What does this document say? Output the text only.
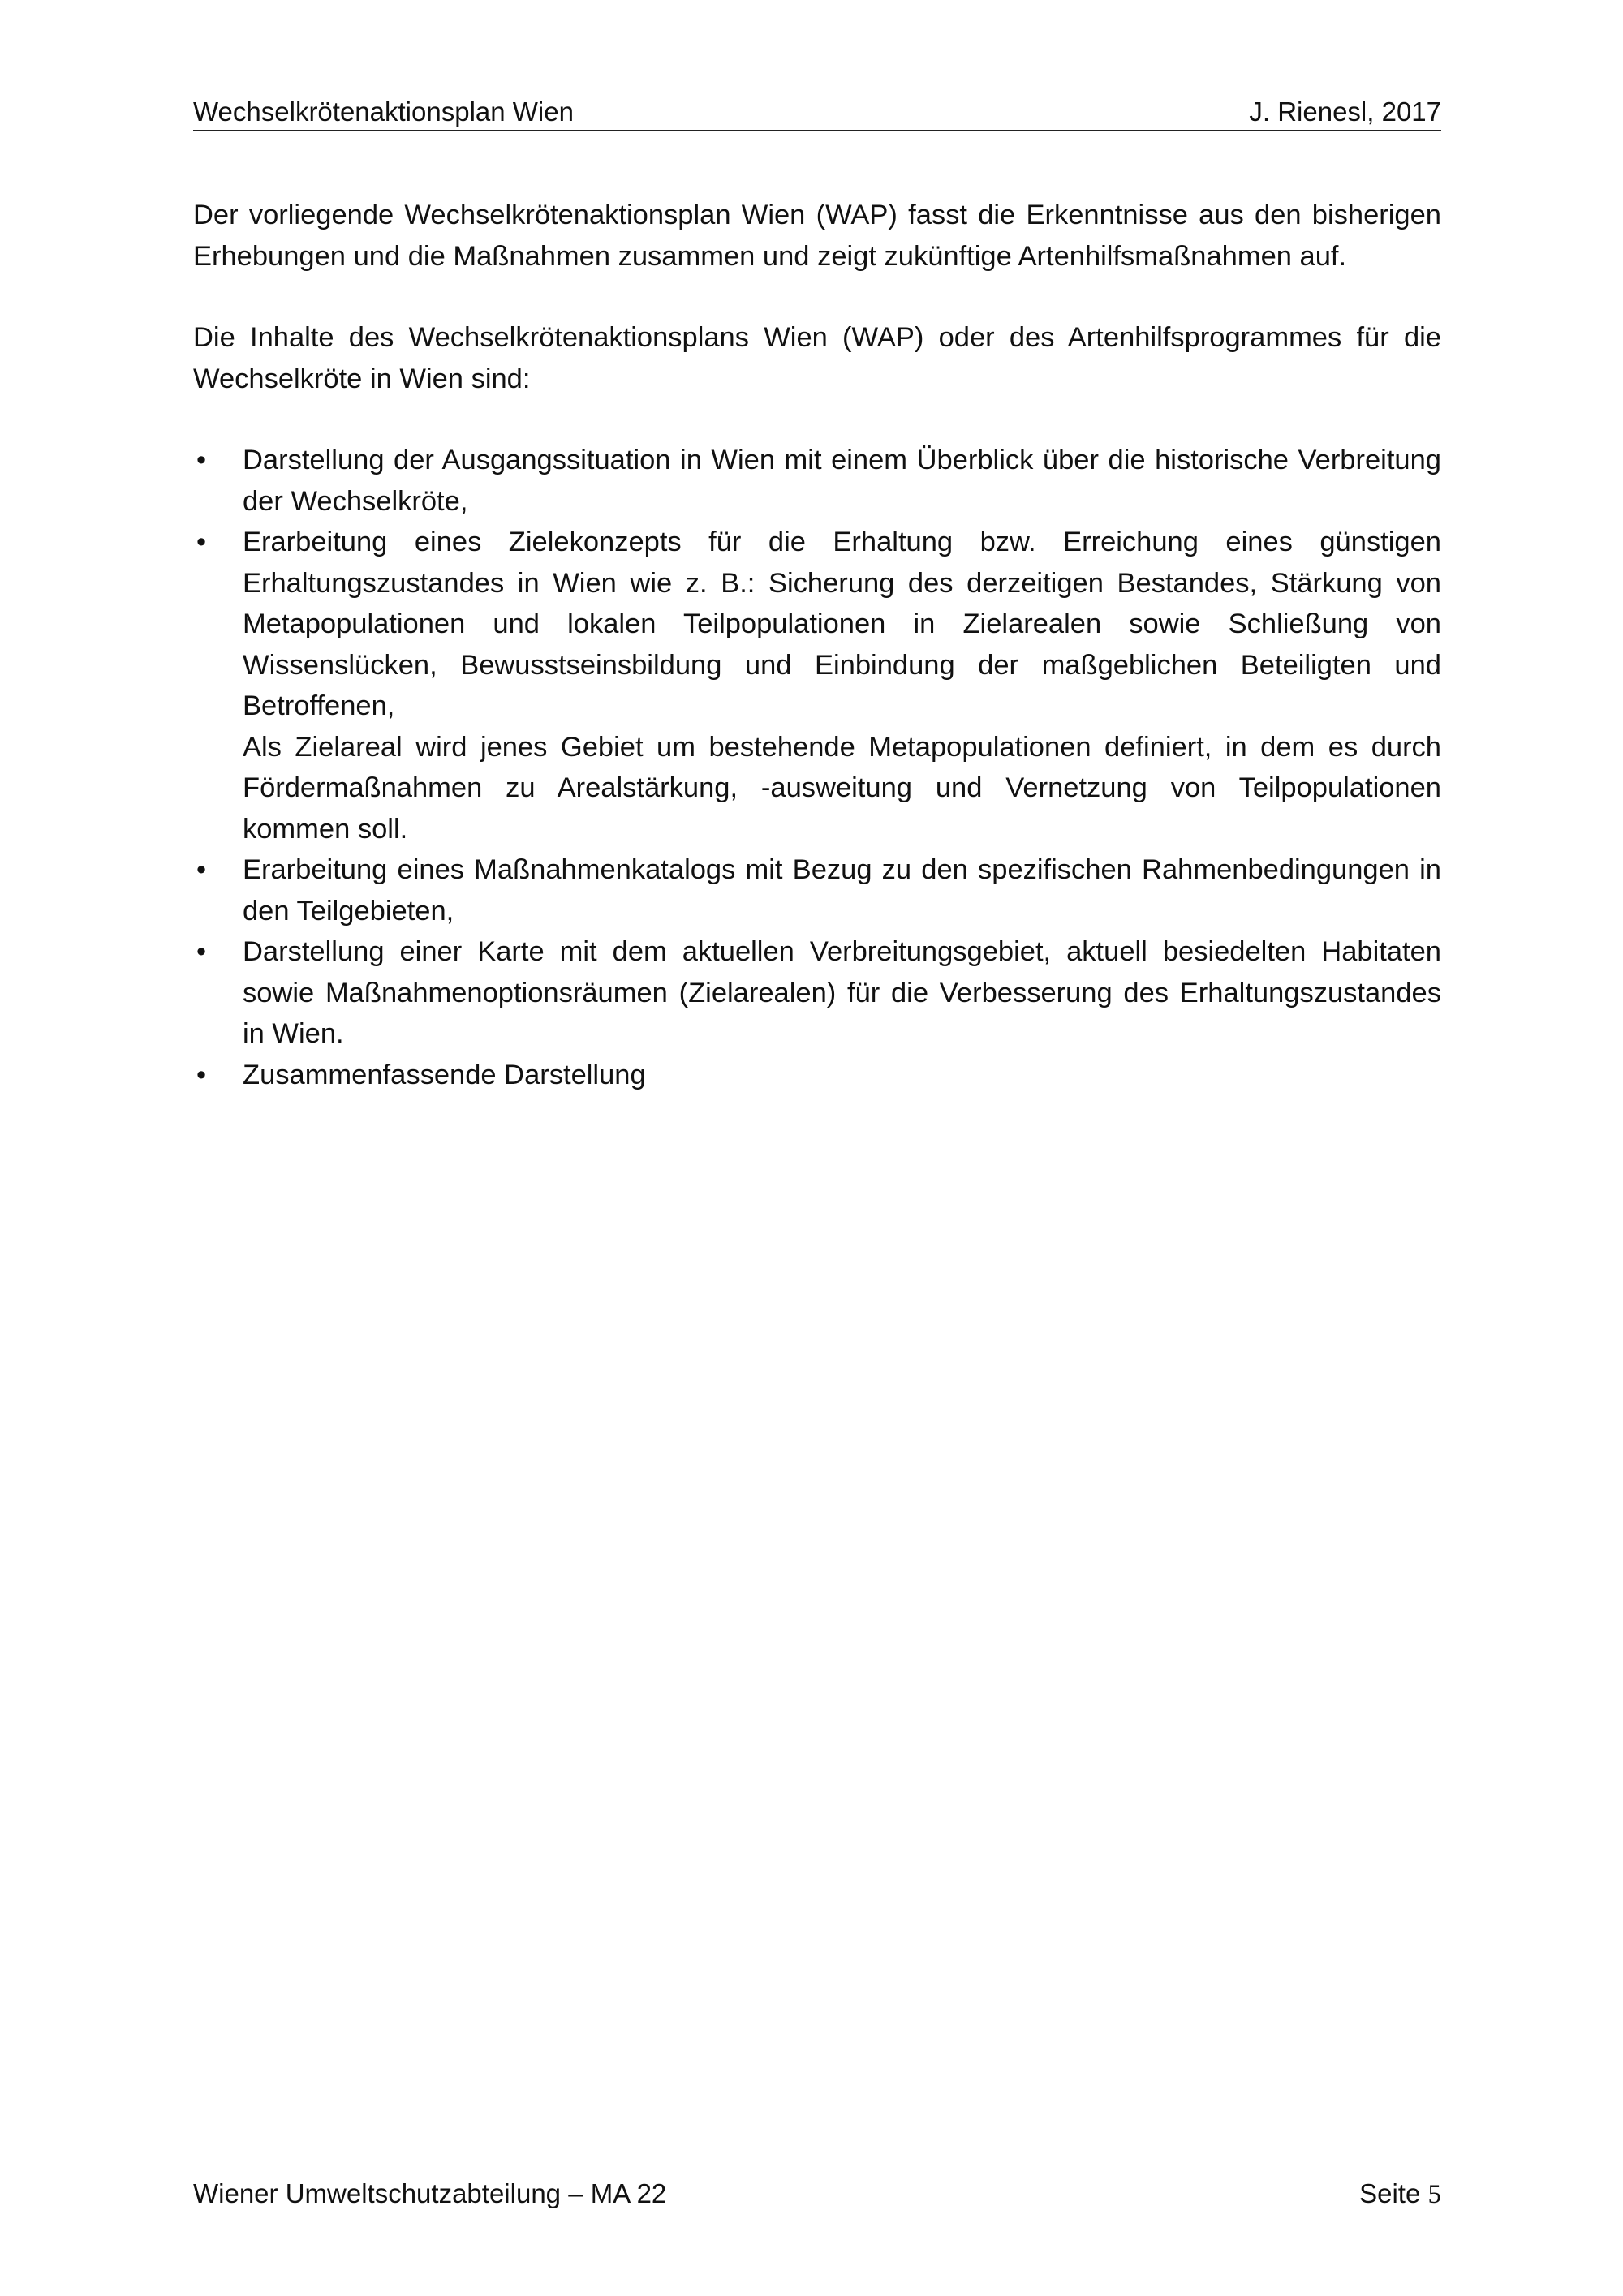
Wechselkrötenaktionsplan Wien	J. Rienesl, 2017

Der vorliegende Wechselkrötenaktionsplan Wien (WAP) fasst die Erkenntnisse aus den bisherigen Erhebungen und die Maßnahmen zusammen und zeigt zukünftige Artenhilfsmaßnahmen auf.

Die Inhalte des Wechselkrötenaktionsplans Wien (WAP) oder des Artenhilfsprogrammes für die Wechselkröte in Wien sind:

• Darstellung der Ausgangssituation in Wien mit einem Überblick über die historische Verbreitung der Wechselkröte,

• Erarbeitung eines Zielekonzepts für die Erhaltung bzw. Erreichung eines günstigen Erhaltungszustandes in Wien wie z. B.: Sicherung des derzeitigen Bestandes, Stärkung von Metapopulationen und lokalen Teilpopulationen in Zielarealen sowie Schließung von Wissenslücken, Bewusstseinsbildung und Einbindung der maßgeblichen Beteiligten und Betroffenen,

Als Zielareal wird jenes Gebiet um bestehende Metapopulationen definiert, in dem es durch Fördermaßnahmen zu Arealstärkung, -ausweitung und Vernetzung von Teilpopulationen kommen soll.

• Erarbeitung eines Maßnahmenkatalogs mit Bezug zu den spezifischen Rahmenbedingungen in den Teilgebieten,

• Darstellung einer Karte mit dem aktuellen Verbreitungsgebiet, aktuell besiedelten Habitaten sowie Maßnahmenoptionsräumen (Zielarealen) für die Verbesserung des Erhaltungszustandes in Wien.

• Zusammenfassende Darstellung

Wiener Umweltschutzabteilung – MA 22	Seite 5
